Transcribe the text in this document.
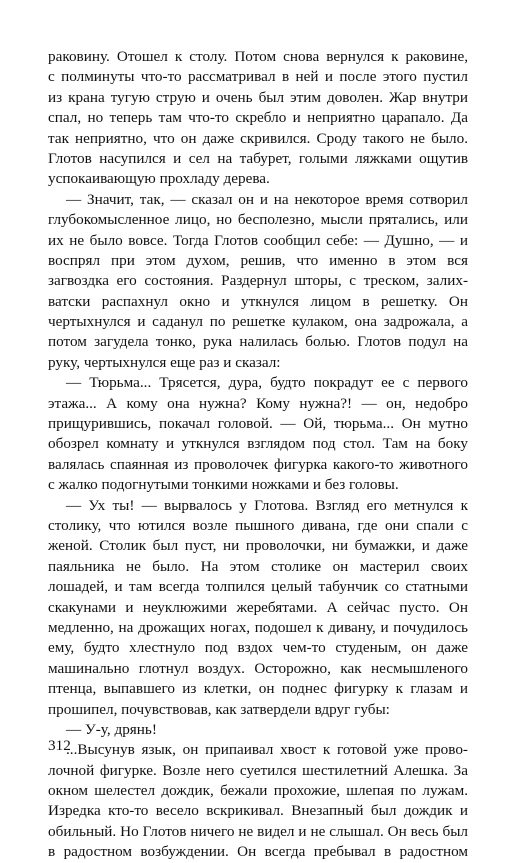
раковину. Отошел к столу. Потом снова вернулся к раковине,
с полминуты что-то рассматривал в ней и после этого пустил
из крана тугую струю и очень был этим доволен. Жар внутри
спал, но теперь там что-то скребло и неприятно царапало. Да
так неприятно, что он даже скривился. Сроду такого не было.
Глотов насупился и сел на табурет, голыми ляжками ощутив
успокаивающую прохладу дерева.
— Значит, так, — сказал он и на некоторое время сотворил
глубокомысленное лицо, но бесполезно, мысли прятались, или
их не было вовсе. Тогда Глотов сообщил себе: — Душно, — и
воспрял при этом духом, решив, что именно в этом вся
загвоздка его состояния. Раздернул шторы, с треском, залих-
ватски распахнул окно и уткнулся лицом в решетку. Он
чертыхнулся и саданул по решетке кулаком, она задрожала, а
потом загудела тонко, рука налилась болью. Глотов подул на
руку, чертыхнулся еще раз и сказал:
— Тюрьма... Трясется, дура, будто покрадут ее с первого
этажа... А кому она нужна? Кому нужна?! — он, недобро
прищурившись, покачал головой. — Ой, тюрьма... Он мутно
обозрел комнату и уткнулся взглядом под стол. Там на боку
валялась спаянная из проволочек фигурка какого-то животного
с жалко подогнутыми тонкими ножками и без головы.
— Ух ты! — вырвалось у Глотова. Взгляд его метнулся к
столику, что ютился возле пышного дивана, где они спали с
женой. Столик был пуст, ни проволочки, ни бумажки, и даже
паяльника не было. На этом столике он мастерил своих
лошадей, и там всегда толпился целый табунчик со статными
скакунами и неуклюжими жеребятами. А сейчас пусто. Он
медленно, на дрожащих ногах, подошел к дивану, и почудилось
ему, будто хлестнуло под вздох чем-то студеным, он даже
машинально глотнул воздух. Осторожно, как несмышленого
птенца, выпавшего из клетки, он поднес фигурку к глазам и
прошипел, почувствовав, как затвердели вдруг губы:
— У-у, дрянь!
...Высунув язык, он припаивал хвост к готовой уже прово-
лочной фигурке. Возле него суетился шестилетний Алешка. За
окном шелестел дождик, бежали прохожие, шлепая по лужам.
Изредка кто-то весело вскрикивал. Внезапный был дождик и
обильный. Но Глотов ничего не видел и не слышал. Он весь был
в радостном возбуждении. Он всегда пребывал в радостном
312
